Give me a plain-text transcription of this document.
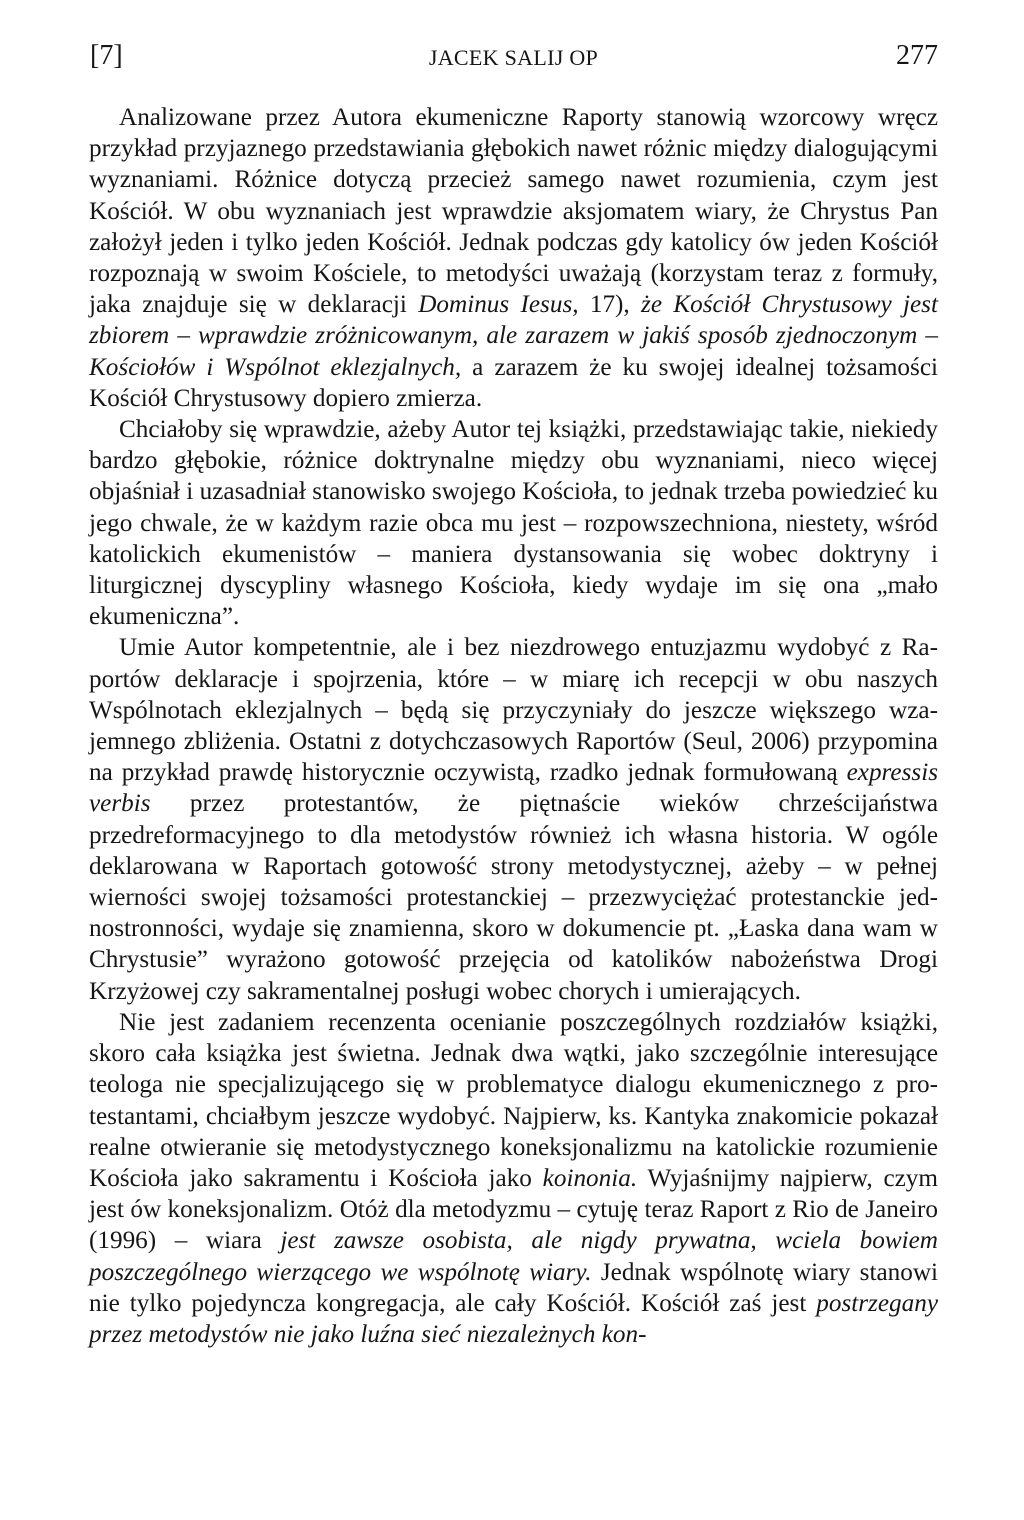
[7]	JACEK SALIJ OP	277

Analizowane przez Autora ekumeniczne Raporty stanowią wzorcowy wręcz przykład przyjaznego przedstawiania głębokich nawet różnic między dialogującymi wyznaniami. Różnice dotyczą przecież samego nawet rozumienia, czym jest Kościół. W obu wyznaniach jest wprawdzie aksjomatem wiary, że Chrystus Pan założył jeden i tylko jeden Kościół. Jednak podczas gdy katolicy ów jeden Kościół rozpoznają w swoim Kościele, to metodyści uważają (korzystam teraz z formuły, jaka znajduje się w deklaracji Dominus Iesus, 17), że Kościół Chrystusowy jest zbiorem – wprawdzie zróżnicowanym, ale zarazem w jakiś sposób zjednoczonym – Kościołów i Wspólnot eklezjalnych, a zarazem że ku swojej idealnej tożsamości Kościół Chrystusowy dopiero zmierza.

Chciałoby się wprawdzie, ażeby Autor tej książki, przedstawiając takie, niekiedy bardzo głębokie, różnice doktrynalne między obu wyznaniami, nieco więcej objaśniał i uzasadniał stanowisko swojego Kościoła, to jednak trzeba powiedzieć ku jego chwale, że w każdym razie obca mu jest – rozpowszechniona, niestety, wśród katolickich ekumenistów – maniera dystansowania się wobec doktryny i liturgicznej dyscypliny własnego Kościoła, kiedy wydaje im się ona „mało ekumeniczna”.

Umie Autor kompetentnie, ale i bez niezdrowego entuzjazmu wydobyć z Raportów deklaracje i spojrzenia, które – w miarę ich recepcji w obu naszych Wspólnotach eklezjalnych – będą się przyczyniały do jeszcze większego wzajemnego zbliżenia. Ostatni z dotychczasowych Raportów (Seul, 2006) przypomina na przykład prawdę historycznie oczywistą, rzadko jednak formułowaną expressis verbis przez protestantów, że piętnaście wieków chrześcijaństwa przedreformacyjnego to dla metodystów również ich własna historia. W ogóle deklarowana w Raportach gotowość strony metodystycznej, ażeby – w pełnej wierności swojej tożsamości protestanckiej – przezwyciężać protestanckie jednostronności, wydaje się znamienna, skoro w dokumencie pt. „Łaska dana wam w Chrystusie” wyrażono gotowość przejęcia od katolików nabożeństwa Drogi Krzyżowej czy sakramentalnej posługi wobec chorych i umierających.

Nie jest zadaniem recenzenta ocenianie poszczególnych rozdziałów książki, skoro cała książka jest świetna. Jednak dwa wątki, jako szczególnie interesujące teologa nie specjalizującego się w problematyce dialogu ekumenicznego z protestantami, chciałbym jeszcze wydobyć. Najpierw, ks. Kantyka znakomicie pokazał realne otwieranie się metodystycznego koneksjonalizmu na katolickie rozumienie Kościoła jako sakramentu i Kościoła jako koinonia. Wyjaśnijmy najpierw, czym jest ów koneksjonalizm. Otóż dla metodyzmu – cytuję teraz Raport z Rio de Janeiro (1996) – wiara jest zawsze osobista, ale nigdy prywatna, wciela bowiem poszczególnego wierzącego we wspólnotę wiary. Jednak wspólnotę wiary stanowi nie tylko pojedyncza kongregacja, ale cały Kościół. Kościół zaś jest postrzegany przez metodystów nie jako luźna sieć niezależnych kon-
